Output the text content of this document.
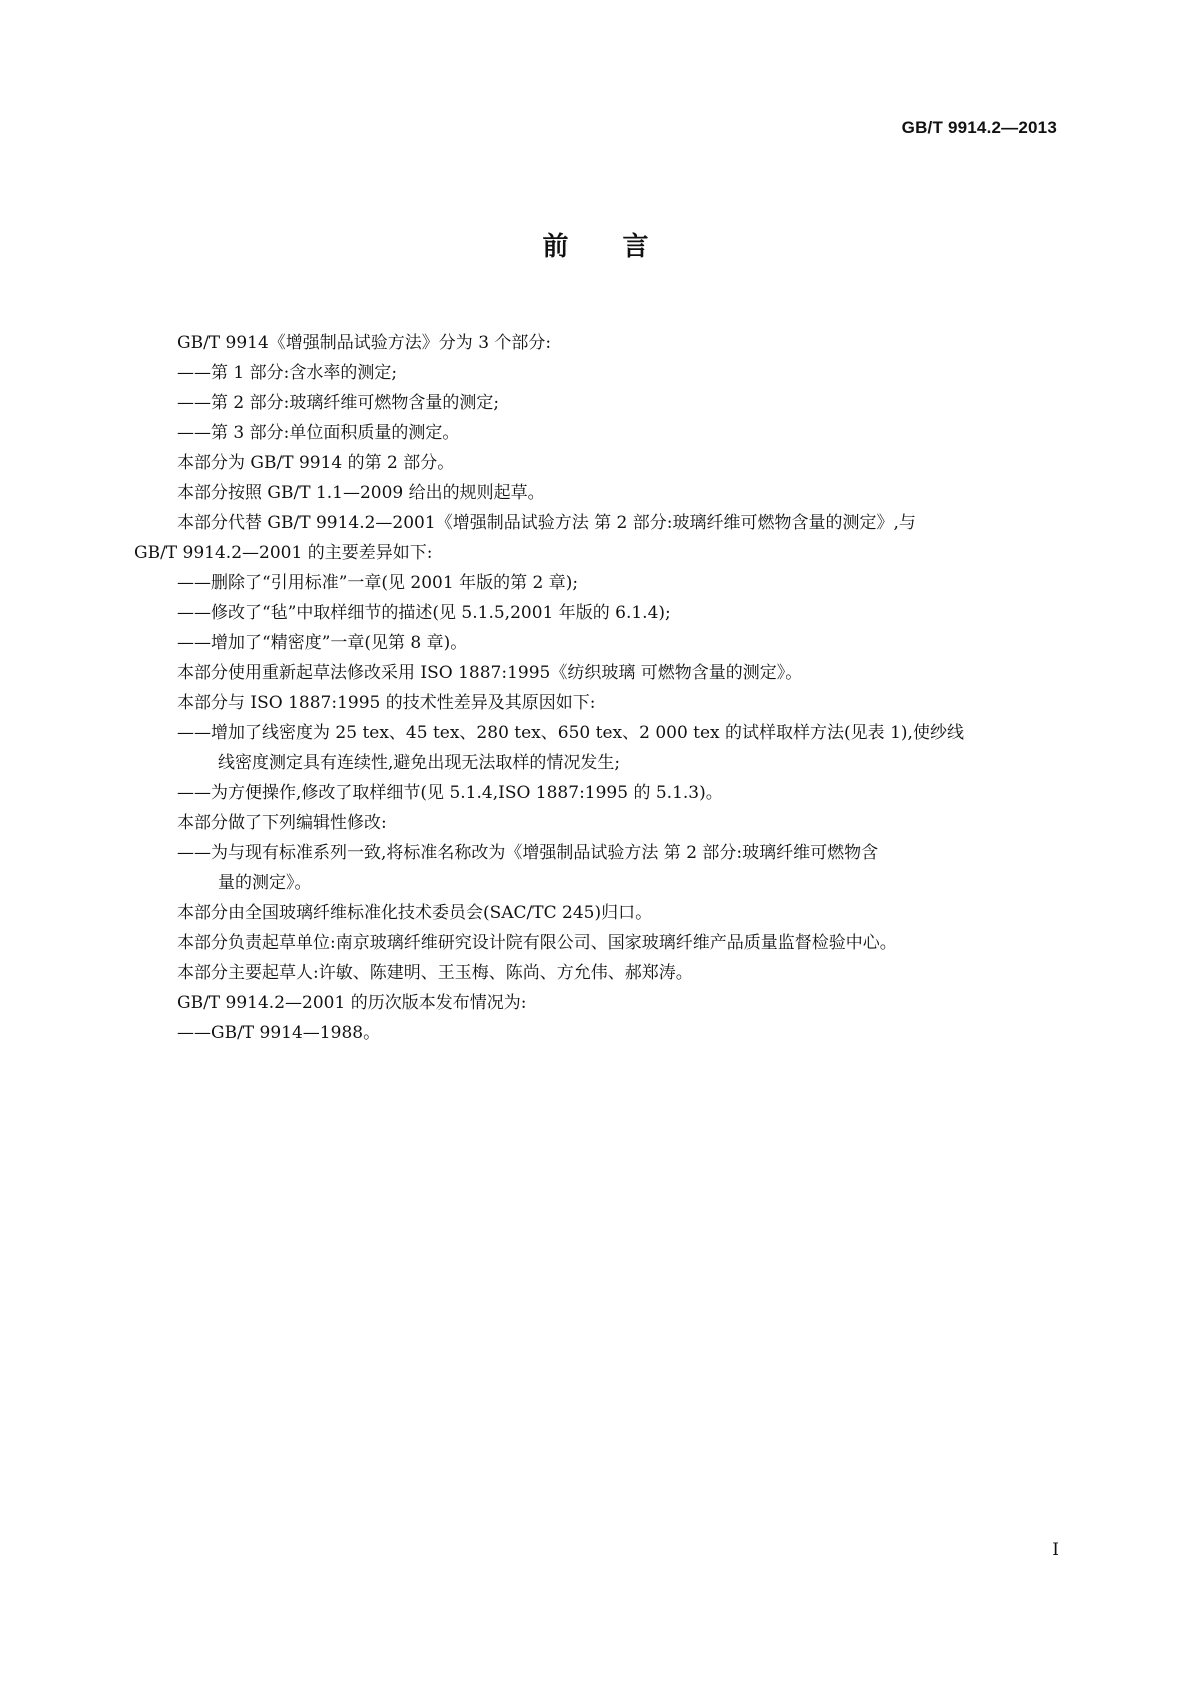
GB/T 9914.2—2013
前言
GB/T 9914《增强制品试验方法》分为 3 个部分:
——第 1 部分:含水率的测定;
——第 2 部分:玻璃纤维可燃物含量的测定;
——第 3 部分:单位面积质量的测定。
本部分为 GB/T 9914 的第 2 部分。
本部分按照 GB/T 1.1—2009 给出的规则起草。
本部分代替 GB/T 9914.2—2001《增强制品试验方法 第 2 部分:玻璃纤维可燃物含量的测定》,与
GB/T 9914.2—2001 的主要差异如下:
——删除了“引用标准”一章(见 2001 年版的第 2 章);
——修改了“毡”中取样细节的描述(见 5.1.5,2001 年版的 6.1.4);
——增加了“精密度”一章(见第 8 章)。
本部分使用重新起草法修改采用 ISO 1887:1995《纺织玻璃 可燃物含量的测定》。
本部分与 ISO 1887:1995 的技术性差异及其原因如下:
——增加了线密度为 25 tex、45 tex、280 tex、650 tex、2 000 tex 的试样取样方法(见表 1),使纱线
线密度测定具有连续性,避免出现无法取样的情况发生;
——为方便操作,修改了取样细节(见 5.1.4,ISO 1887:1995 的 5.1.3)。
本部分做了下列编辑性修改:
——为与现有标准系列一致,将标准名称改为《增强制品试验方法 第 2 部分:玻璃纤维可燃物含
量的测定》。
本部分由全国玻璃纤维标准化技术委员会(SAC/TC 245)归口。
本部分负责起草单位:南京玻璃纤维研究设计院有限公司、国家玻璃纤维产品质量监督检验中心。
本部分主要起草人:许敏、陈建明、王玉梅、陈尚、方允伟、郝郑涛。
GB/T 9914.2—2001 的历次版本发布情况为:
——GB/T 9914—1988。
I
